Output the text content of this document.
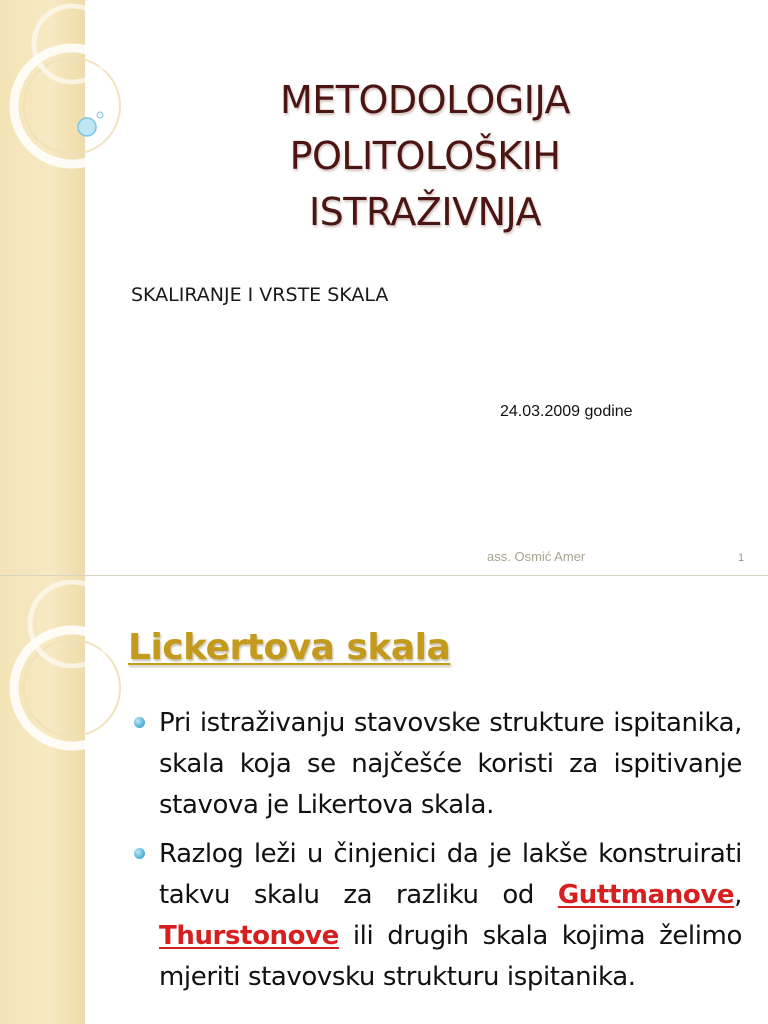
METODOLOGIJA
POLITOLOŠKIH
ISTRAŽIVNJA
SKALIRANJE I VRSTE SKALA
24.03.2009 godine
ass. Osmić Amer	1
Lickertova skala
Pri istraživanju stavovske strukture ispitanika, skala koja se najčešće koristi za ispitivanje stavova je Likertova skala.
Razlog leži u činjenici da je lakše konstruirati takvu skalu za razliku od Guttmanove, Thurstonove ili drugih skala kojima želimo mjeriti stavovsku strukturu ispitanika.
